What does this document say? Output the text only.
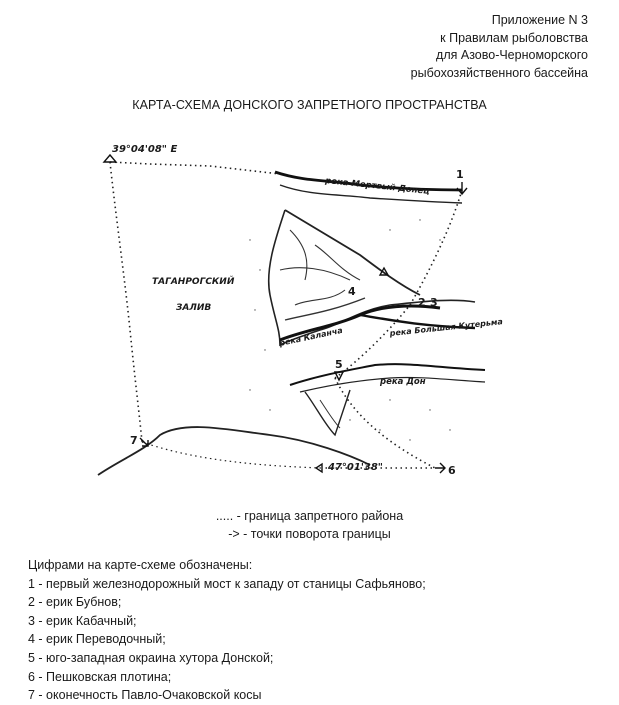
Приложение N 3
к Правилам рыболовства
для Азово-Черноморского
рыбохозяйственного бассейна
КАРТА-СХЕМА ДОНСКОГО ЗАПРЕТНОГО ПРОСТРАНСТВА
39°04'08" Е
47°01'38"
ТАГАНРОГСКИЙ
ЗАЛИВ
река Мертвый Донец
река Каланча	река Большая Кутерьма
река Дон
1
2 3
4
5
6
7
..... - граница запретного района
-> - точки поворота границы
Цифрами на карте-схеме обозначены:
1 - первый железнодорожный мост к западу от станицы Сафьяново;
2 - ерик Бубнов;
3 - ерик Кабачный;
4 - ерик Переводочный;
5 - юго-западная окраина хутора Донской;
6 - Пешковская плотина;
7 - оконечность Павло-Очаковской косы
